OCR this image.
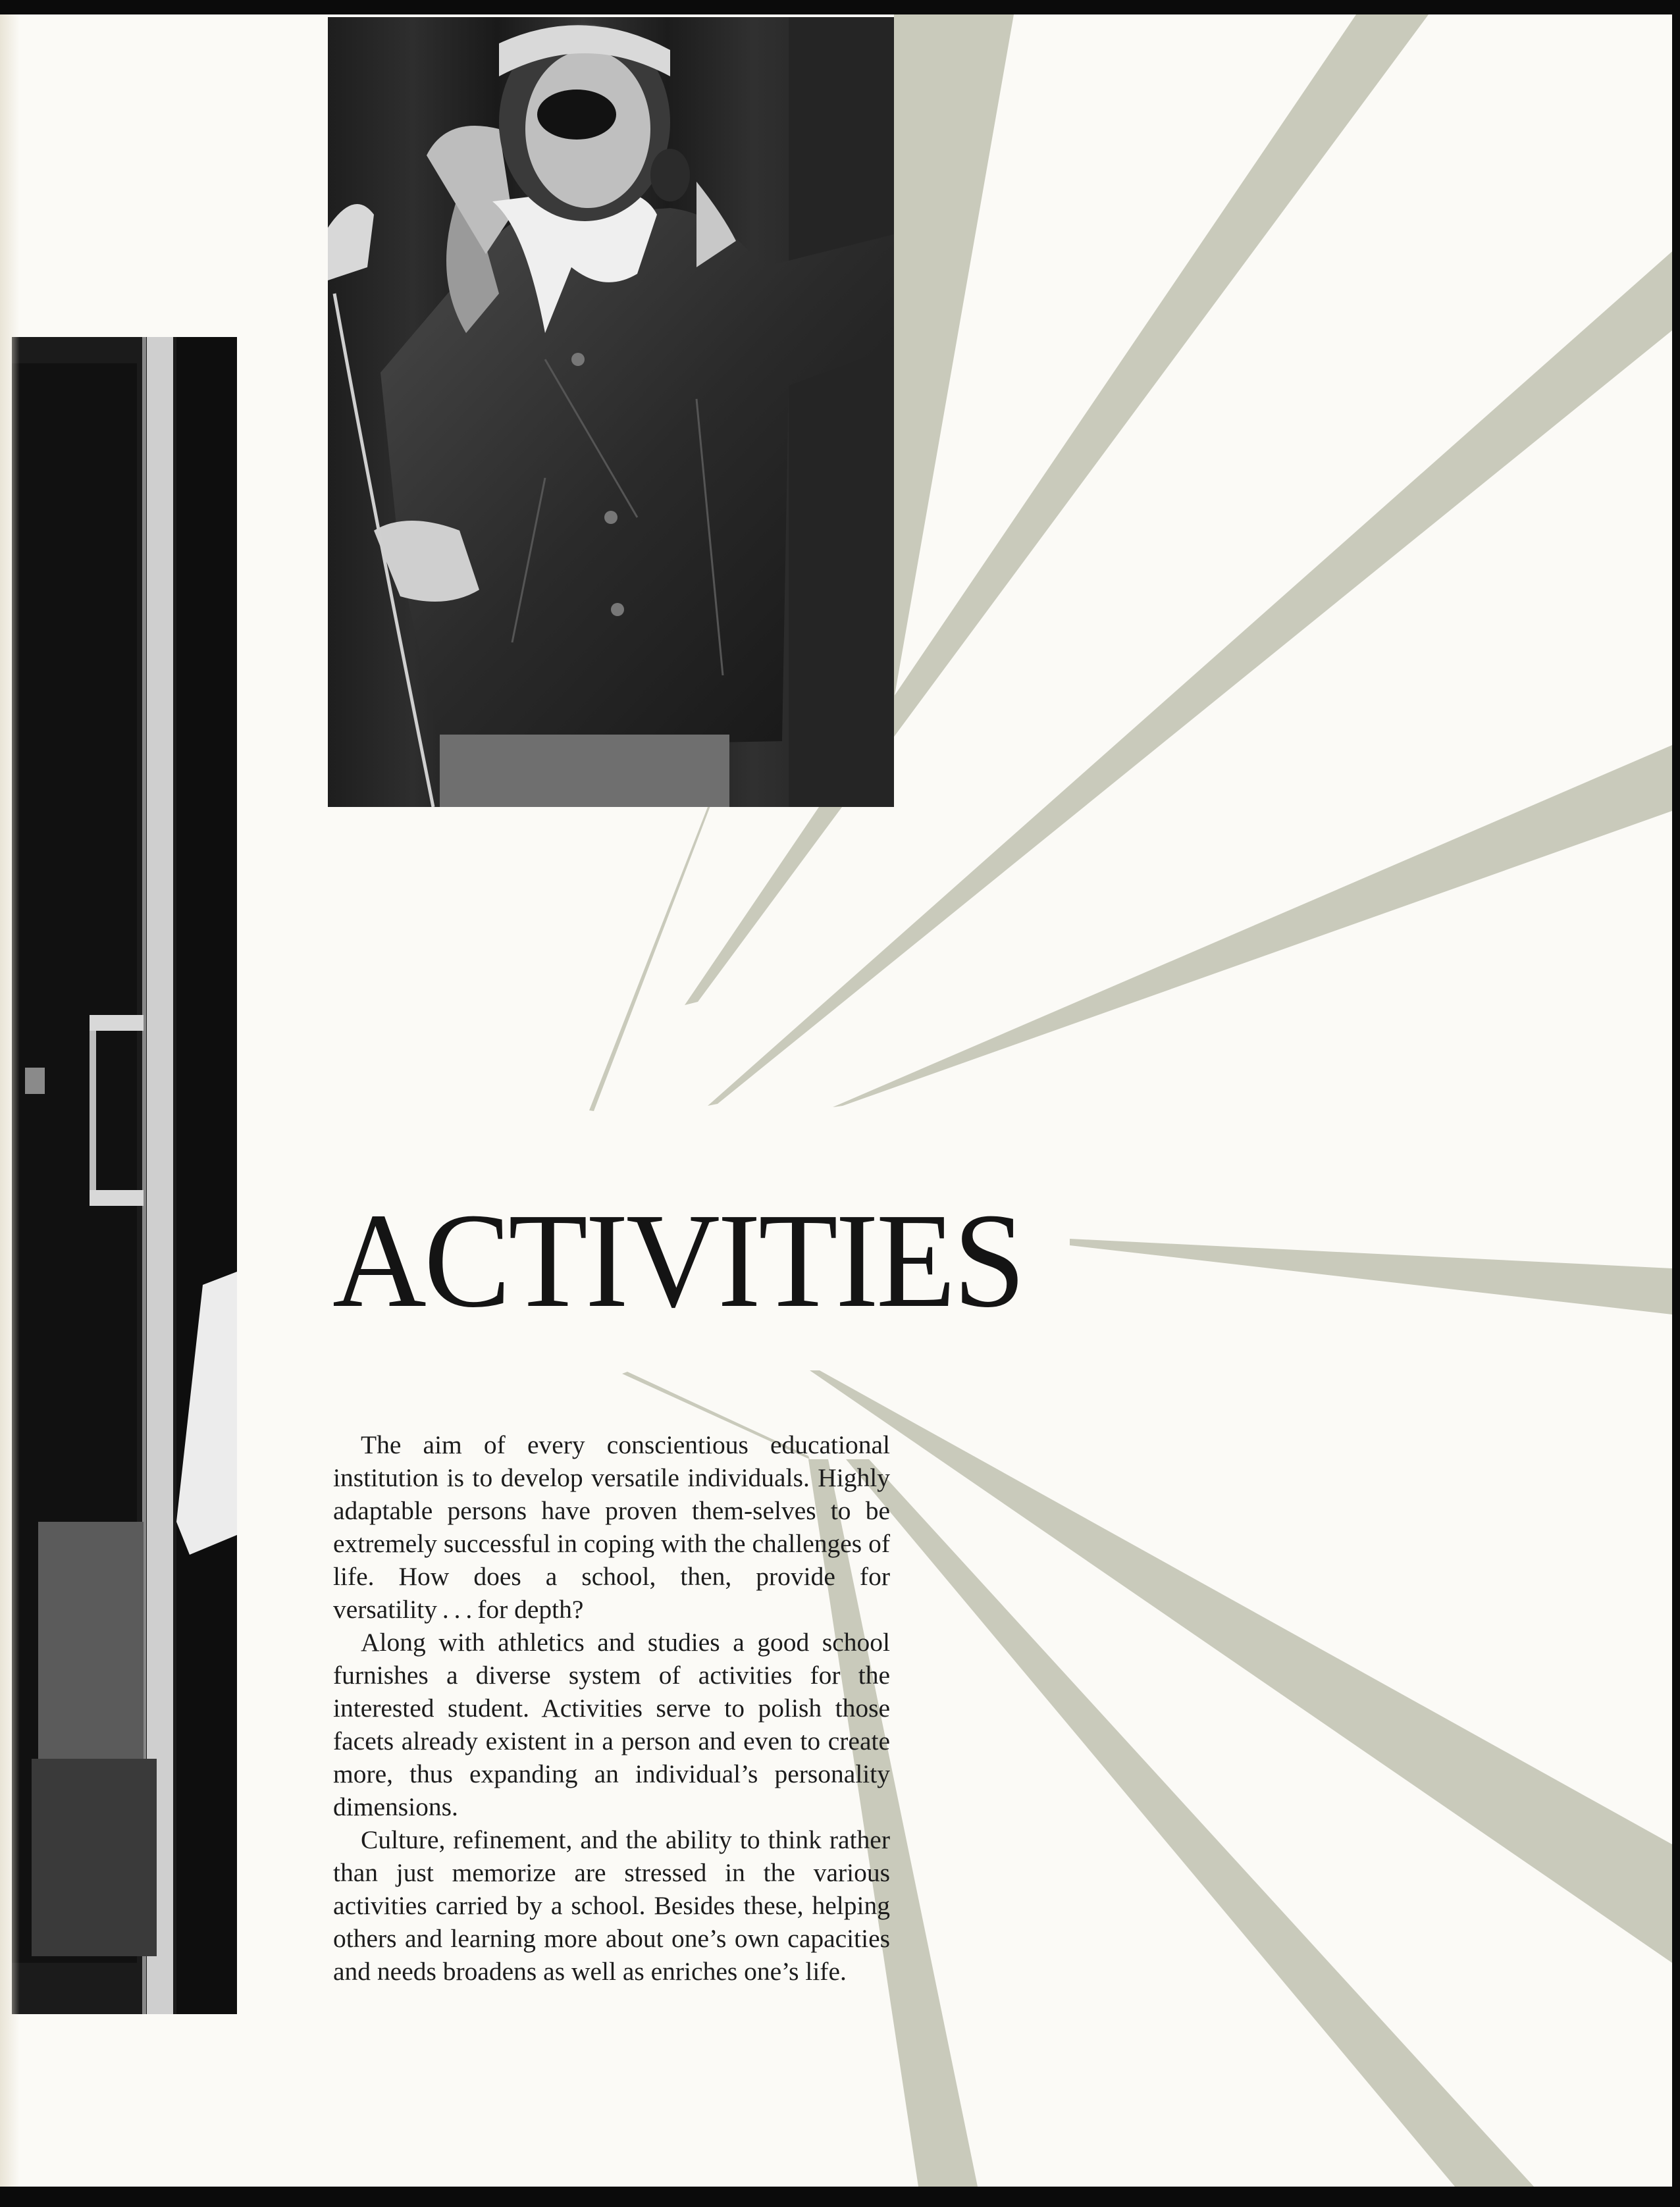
ACTIVITIES

The aim of every conscientious educational institution is to develop versatile individuals. Highly adaptable persons have proven them-selves to be extremely successful in coping with the challenges of life. How does a school, then, provide for versatility . . . for depth?

Along with athletics and studies a good school furnishes a diverse system of activities for the interested student. Activities serve to polish those facets already existent in a person and even to create more, thus expanding an individual’s personality dimensions.

Culture, refinement, and the ability to think rather than just memorize are stressed in the various activities carried by a school. Besides these, helping others and learning more about one’s own capacities and needs broadens as well as enriches one’s life.
